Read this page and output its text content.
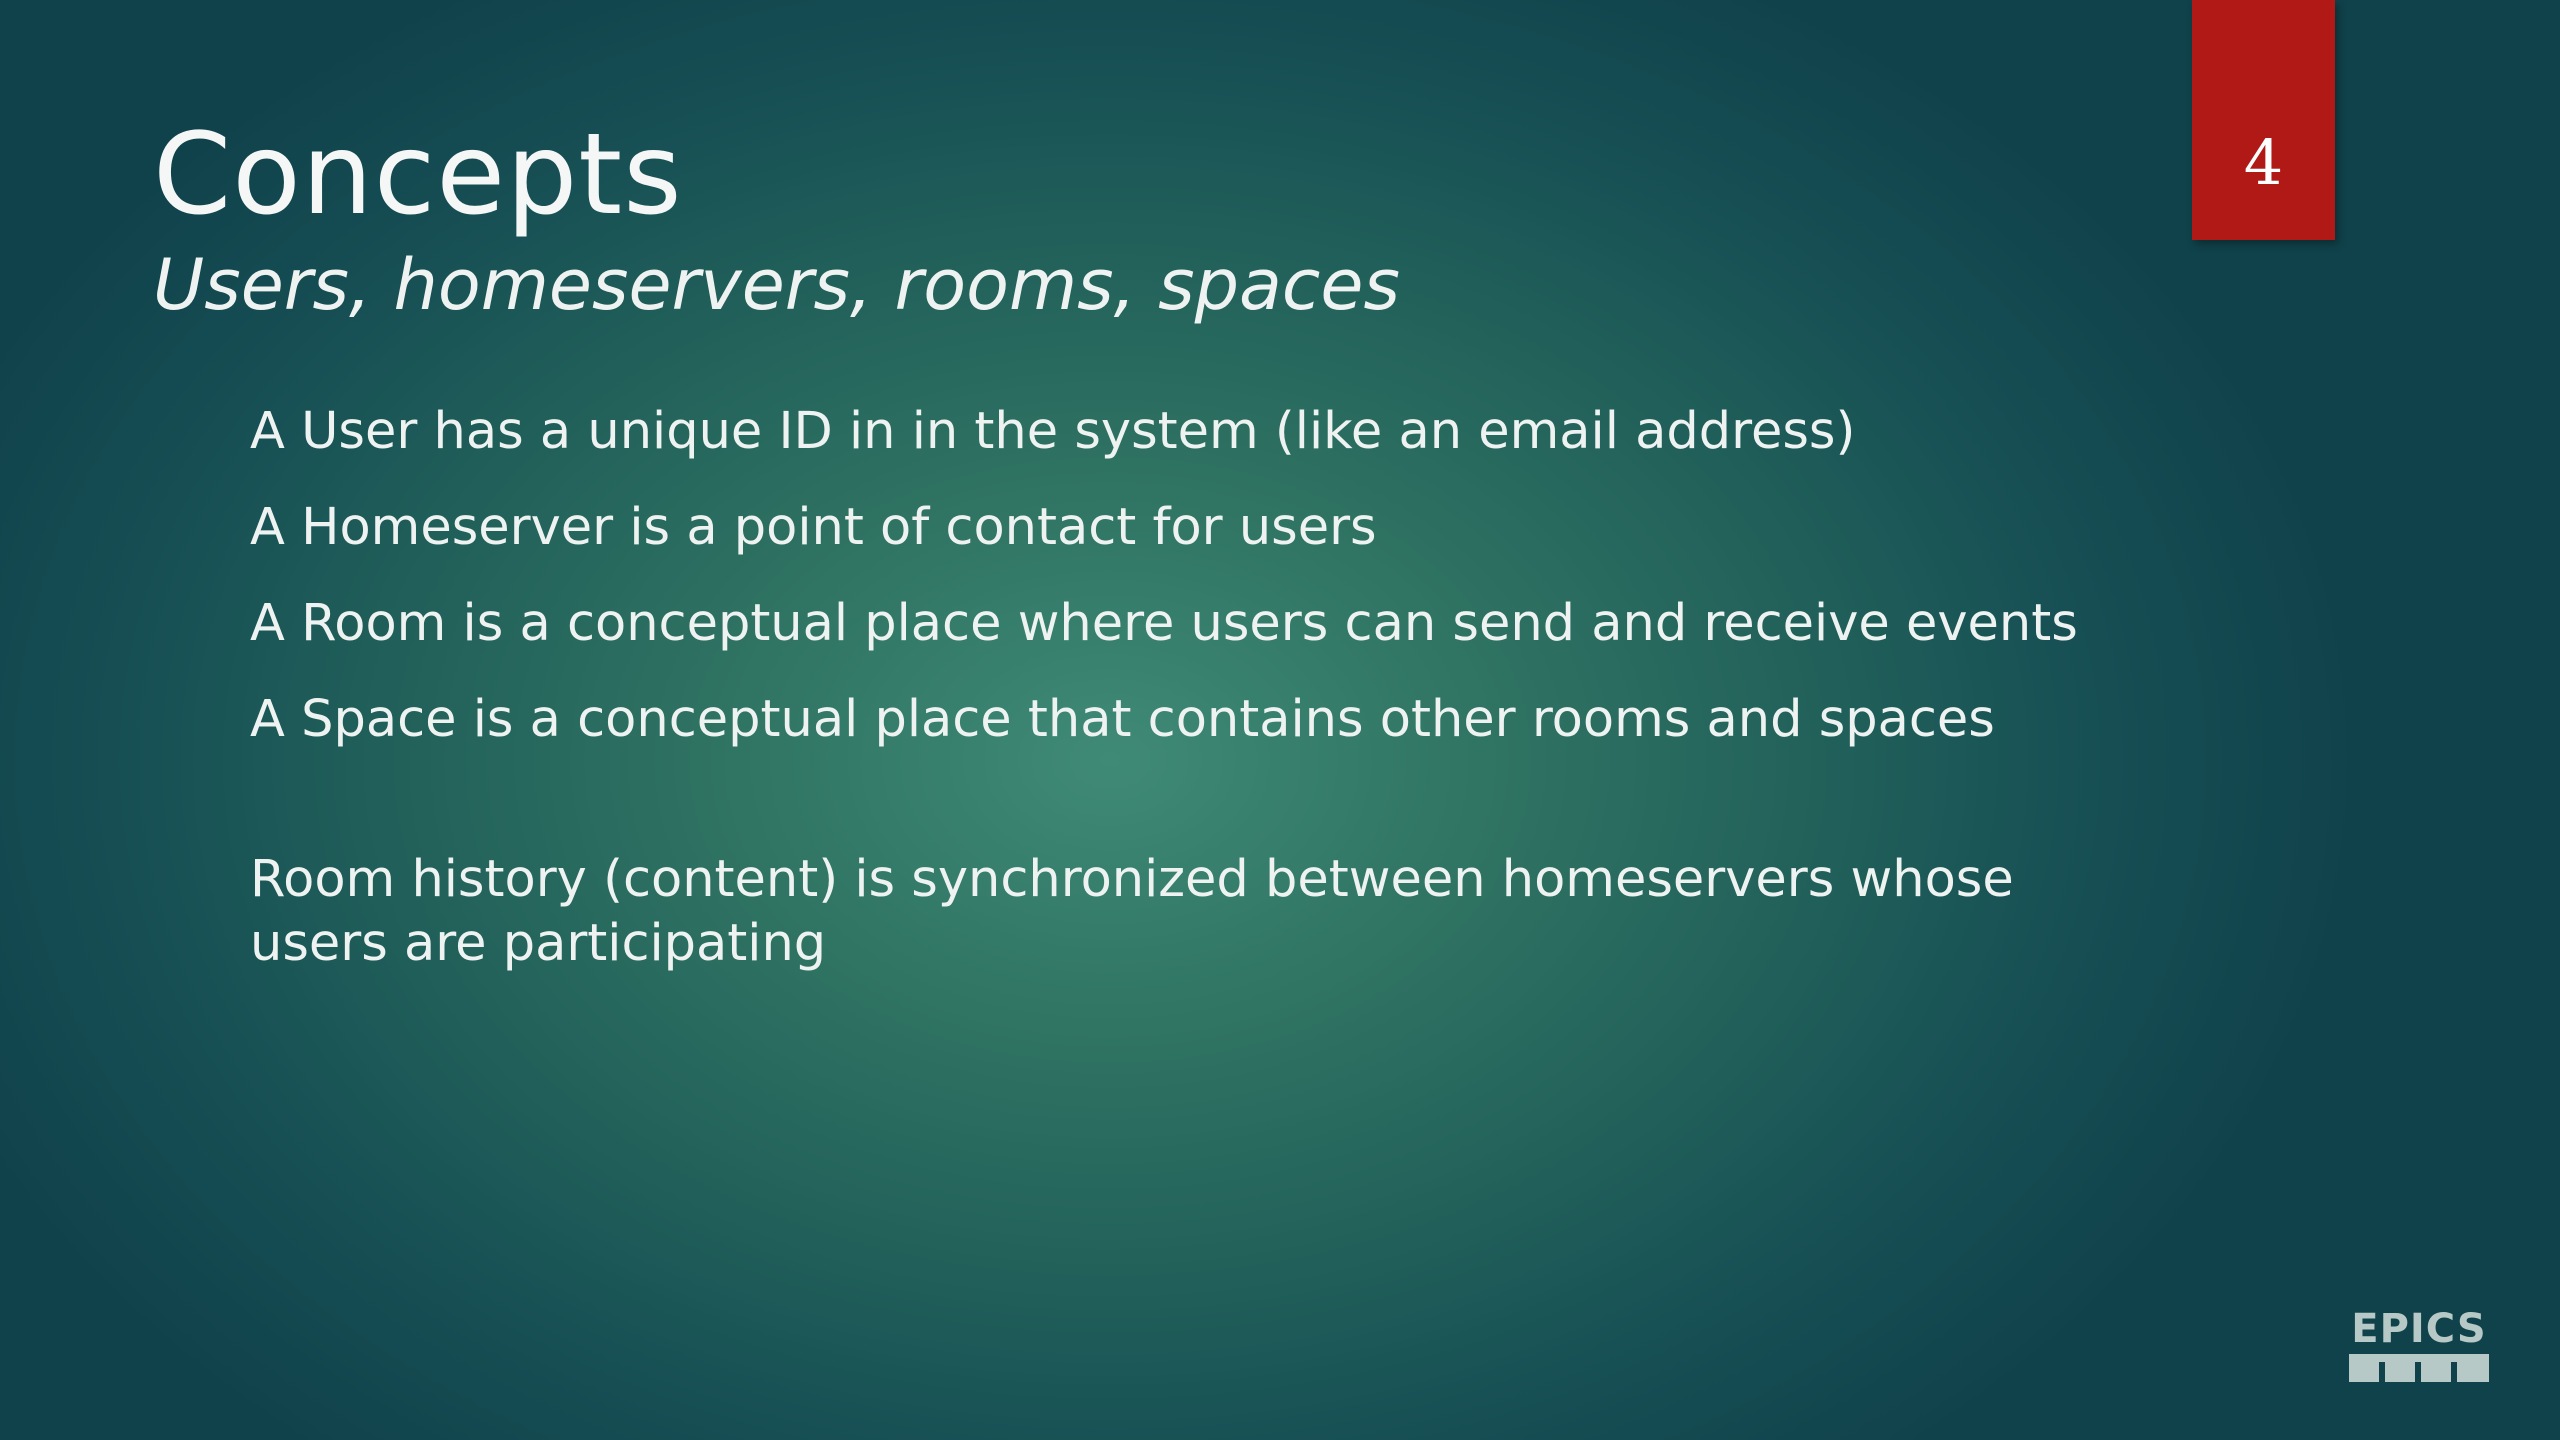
Concepts
Users, homeservers, rooms, spaces
4
A User has a unique ID in in the system (like an email address)
A Homeserver is a point of contact for users
A Room is a conceptual place where users can send and receive events
A Space is a conceptual place that contains other rooms and spaces
Room history (content) is synchronized between homeservers whose users are participating
EPICS
